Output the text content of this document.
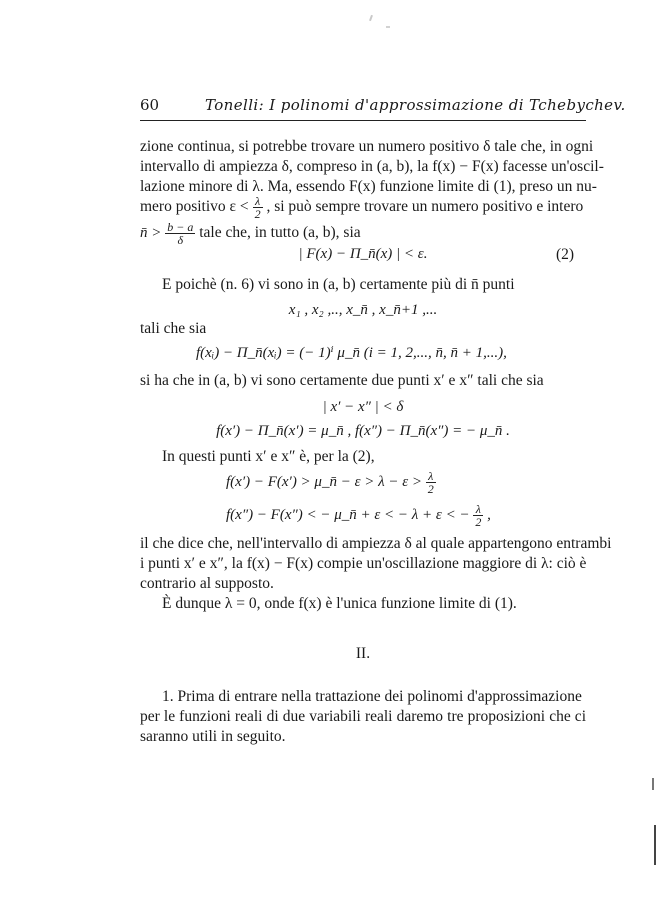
60	Tonelli: I polinomi d'approssimazione di Tchebychev.
zione continua, si potrebbe trovare un numero positivo δ tale che, in ogni
intervallo di ampiezza δ, compreso in (a, b), la f(x) − F(x) facesse un'oscil-
lazione minore di λ. Ma, essendo F(x) funzione limite di (1), preso un nu-
mero positivo $\varepsilon < \frac{\lambda}{2}$ , si può sempre trovare un numero positivo e intero
n̄ > $\frac{b - a}{\delta}$ tale che, in tutto (a, b), sia
| F(x) − Π_n̄(x) | < ε.	(2)
E poichè (n. 6) vi sono in (a, b) certamente più di n̄ punti
x₁ , x₂ ,.., x_n̄ , x_n̄+1 ,...
tali che sia
f(xᵢ) − Π_n̄(xᵢ) = (− 1)ⁱ μ_n̄ (i = 1, 2,..., n̄, n̄ + 1,...),
si ha che in (a, b) vi sono certamente due punti x′ e x″ tali che sia
| x′ − x″ | < δ
f(x′) − Π_n̄(x′) = μ_n̄ , f(x″) − Π_n̄(x″) = − μ_n̄ .
In questi punti x′ e x″ è, per la (2),
f(x′) − F(x′) > μ_n̄ − $\varepsilon > \lambda - \varepsilon > \frac{\lambda}{2}$
f(x″) − F(x″) < − μ_n̄ + ε < − λ + ε < − $\frac{\lambda}{2}$ ,
il che dice che, nell'intervallo di ampiezza δ al quale appartengono entrambi
i punti x′ e x″, la f(x) − F(x) compie un'oscillazione maggiore di λ: ciò è
contrario al supposto.
È dunque λ = 0, onde f(x) è l'unica funzione limite di (1).
II.
1. Prima di entrare nella trattazione dei polinomi d'approssimazione
per le funzioni reali di due variabili reali daremo tre proposizioni che ci
saranno utili in seguito.
